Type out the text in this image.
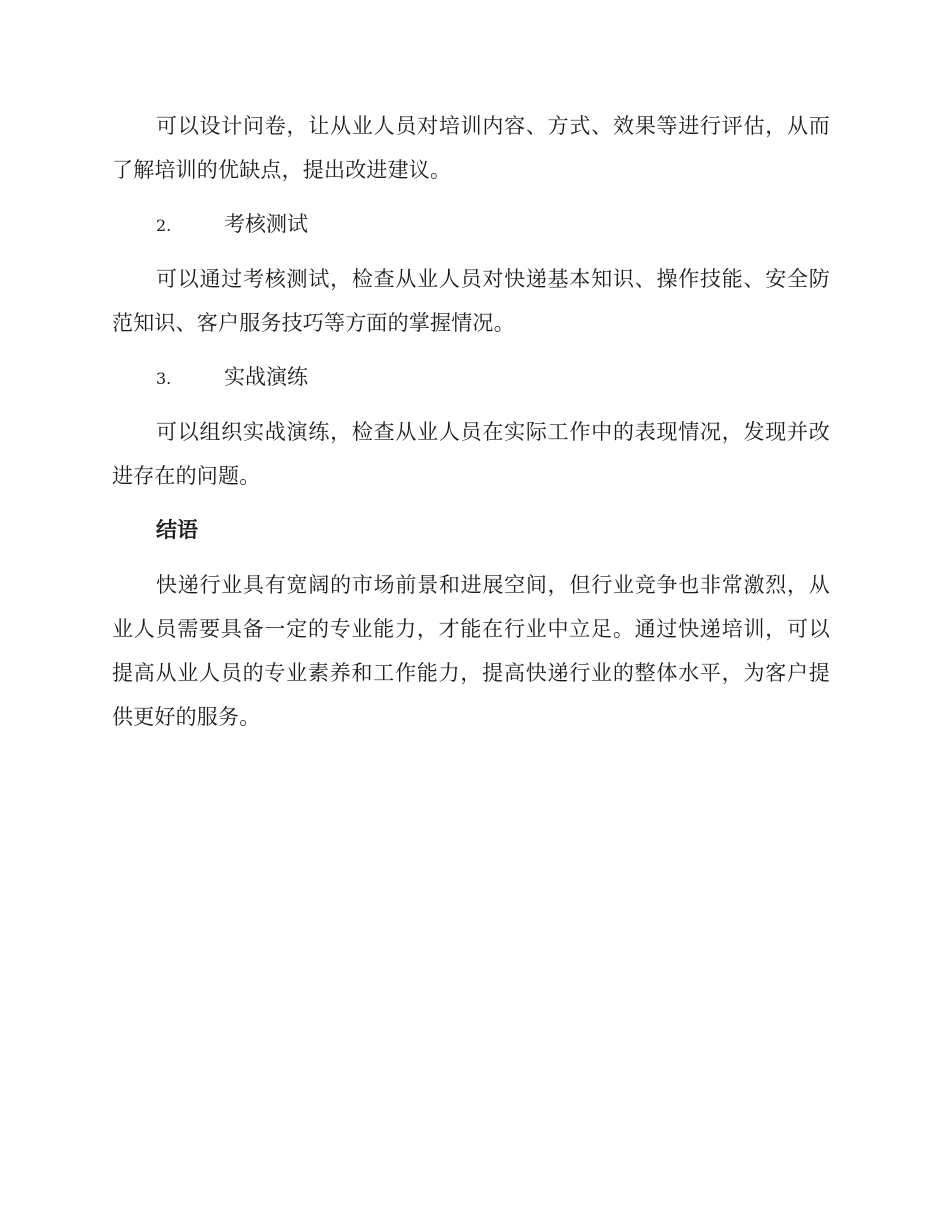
可以设计问卷，让从业人员对培训内容、方式、效果等进行评估，从而了解培训的优缺点，提出改进建议。

2.	考核测试

可以通过考核测试，检查从业人员对快递基本知识、操作技能、安全防范知识、客户服务技巧等方面的掌握情况。

3.	实战演练

可以组织实战演练，检查从业人员在实际工作中的表现情况，发现并改进存在的问题。

结语

快递行业具有宽阔的市场前景和进展空间，但行业竞争也非常激烈，从业人员需要具备一定的专业能力，才能在行业中立足。通过快递培训，可以提高从业人员的专业素养和工作能力，提高快递行业的整体水平，为客户提供更好的服务。
